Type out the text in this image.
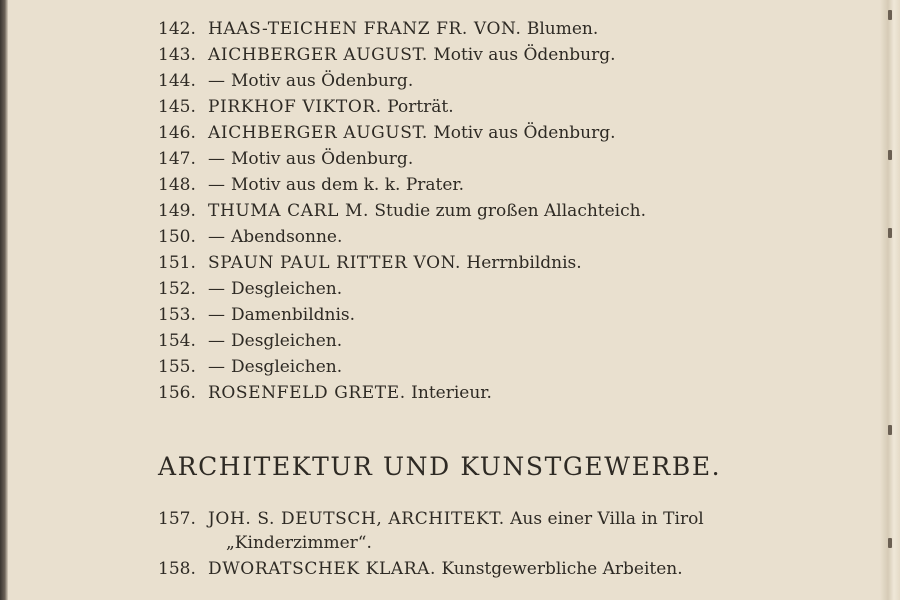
142. HAAS-TEICHEN FRANZ FR. VON. Blumen.
143. AICHBERGER AUGUST. Motiv aus Ödenburg.
144. — Motiv aus Ödenburg.
145. PIRKHOF VIKTOR. Porträt.
146. AICHBERGER AUGUST. Motiv aus Ödenburg.
147. — Motiv aus Ödenburg.
148. — Motiv aus dem k. k. Prater.
149. THUMA CARL M. Studie zum großen Allachteich.
150. — Abendsonne.
151. SPAUN PAUL RITTER VON. Herrnbildnis.
152. — Desgleichen.
153. — Damenbildnis.
154. — Desgleichen.
155. — Desgleichen.
156. ROSENFELD GRETE. Interieur.
ARCHITEKTUR UND KUNSTGEWERBE.
157. JOH. S. DEUTSCH, ARCHITEKT. Aus einer Villa in Tirol
„Kinderzimmer“.
158. DWORATSCHEK KLARA. Kunstgewerbliche Arbeiten.
